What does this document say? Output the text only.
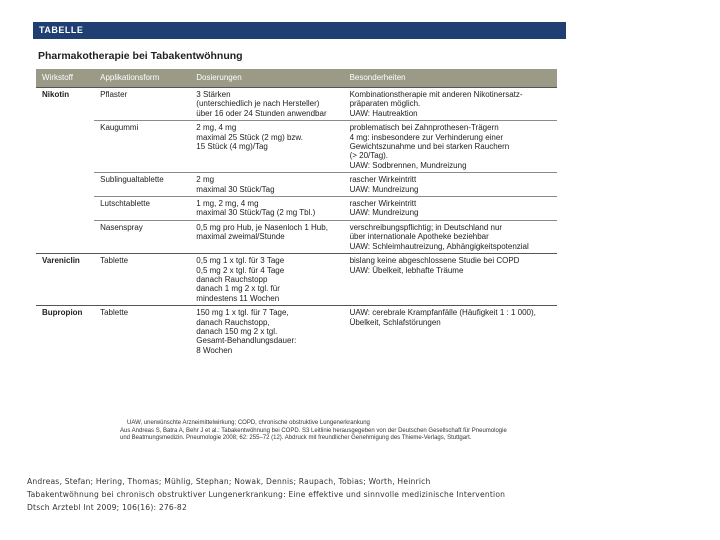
TABELLE
Pharmakotherapie bei Tabakentwöhnung
Wirkstoff	Applikationsform	Dosierungen	Besonderheiten
Nikotin	Pflaster	3 Stärken
(unterschiedlich je nach Hersteller)
über 16 oder 24 Stunden anwendbar	Kombinationstherapie mit anderen Nikotinersatz-
präparaten möglich.
UAW: Hautreaktion

	Kaugummi	2 mg, 4 mg
maximal 25 Stück (2 mg) bzw.
15 Stück (4 mg)/Tag	problematisch bei Zahnprothesen-Trägern
4 mg: insbesondere zur Verhinderung einer
Gewichtszunahme und bei starken Rauchern
(> 20/Tag).
UAW: Sodbrennen, Mundreizung

	Sublingualtablette	2 mg
maximal 30 Stück/Tag	rascher Wirkeintritt
UAW: Mundreizung

	Lutschtablette	1 mg, 2 mg, 4 mg
maximal 30 Stück/Tag (2 mg Tbl.)	rascher Wirkeintritt
UAW: Mundreizung

	Nasenspray	0,5 mg pro Hub, je Nasenloch 1 Hub,
maximal zweimal/Stunde	verschreibungspflichtig; in Deutschland nur
über internationale Apotheke beziehbar
UAW: Schleimhautreizung, Abhängigkeitspotenzial

Vareniclin	Tablette	0,5 mg 1 x tgl. für 3 Tage
0,5 mg 2 x tgl. für 4 Tage
danach Rauchstopp
danach 1 mg 2 x tgl. für
mindestens 11 Wochen	bislang keine abgeschlossene Studie bei COPD
UAW: Übelkeit, lebhafte Träume

Bupropion	Tablette	150 mg 1 x tgl. für 7 Tage,
danach Rauchstopp,
danach 150 mg 2 x tgl.
Gesamt-Behandlungsdauer:
8 Wochen	UAW: cerebrale Krampfanfälle (Häufigkeit 1 : 1 000),
Übelkeit, Schlafstörungen
UAW, unerwünschte Arzneimittelwirkung; COPD, chronische obstruktive Lungenerkrankung
Aus Andreas S, Batra A, Behr J et al.: Tabakentwöhnung bei COPD. S3 Leitlinie herausgegeben von der Deutschen Gesellschaft für Pneumologie
und Beatmungsmedizin. Pneumologie 2008; 62: 255–72 (12). Abdruck mit freundlicher Genehmigung des Thieme-Verlags, Stuttgart.
Andreas, Stefan; Hering, Thomas; Mühlig, Stephan; Nowak, Dennis; Raupach, Tobias; Worth, Heinrich
Tabakentwöhnung bei chronisch obstruktiver Lungenerkrankung: Eine effektive und sinnvolle medizinische Intervention
Dtsch Arztebl Int 2009; 106(16): 276-82
